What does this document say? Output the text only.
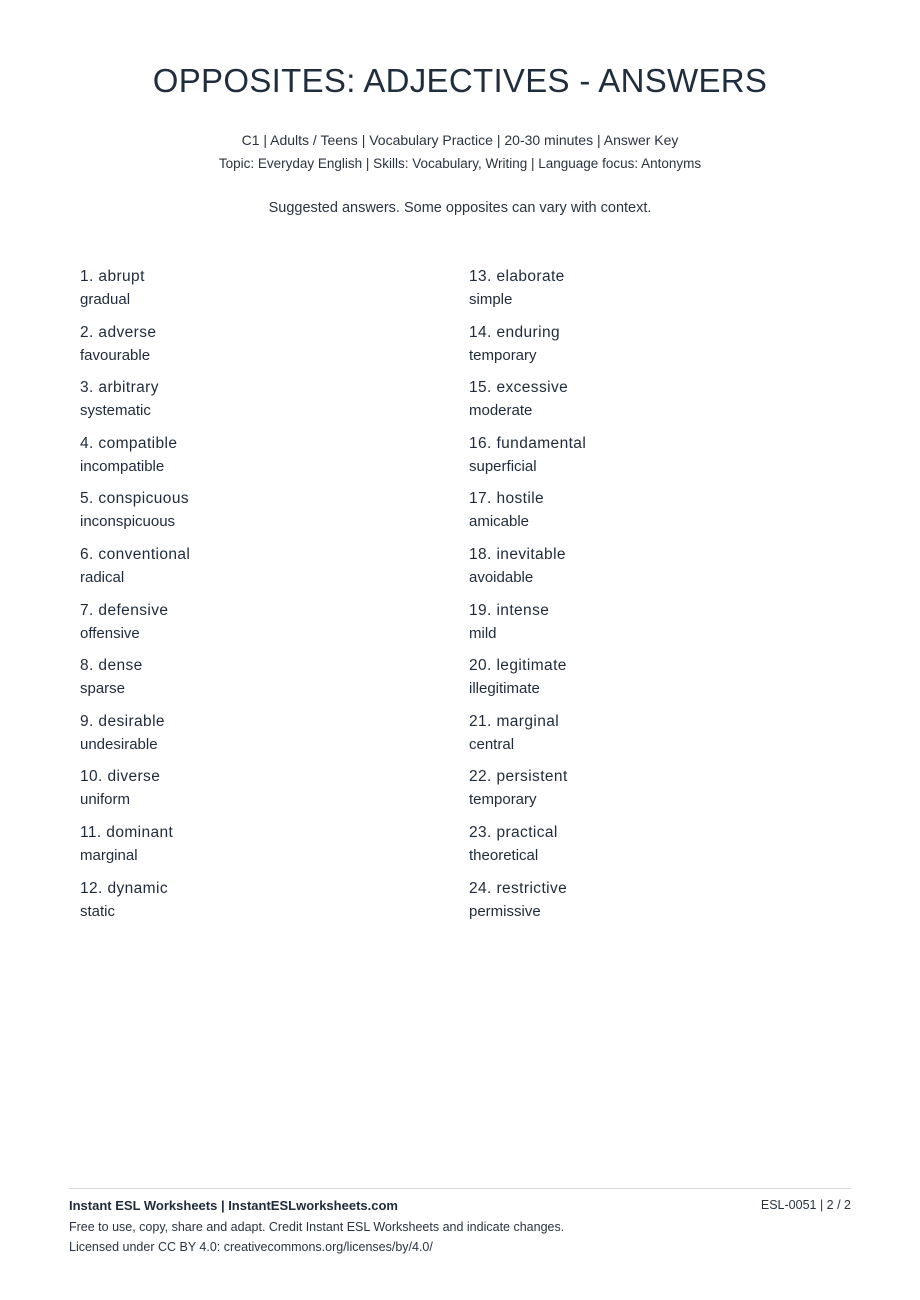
OPPOSITES: ADJECTIVES - ANSWERS
C1 | Adults / Teens | Vocabulary Practice | 20-30 minutes | Answer Key
Topic: Everyday English | Skills: Vocabulary, Writing | Language focus: Antonyms
Suggested answers. Some opposites can vary with context.
1. abrupt
gradual
2. adverse
favourable
3. arbitrary
systematic
4. compatible
incompatible
5. conspicuous
inconspicuous
6. conventional
radical
7. defensive
offensive
8. dense
sparse
9. desirable
undesirable
10. diverse
uniform
11. dominant
marginal
12. dynamic
static
13. elaborate
simple
14. enduring
temporary
15. excessive
moderate
16. fundamental
superficial
17. hostile
amicable
18. inevitable
avoidable
19. intense
mild
20. legitimate
illegitimate
21. marginal
central
22. persistent
temporary
23. practical
theoretical
24. restrictive
permissive
Instant ESL Worksheets | InstantESLworksheets.com	ESL-0051 | 2 / 2
Free to use, copy, share and adapt. Credit Instant ESL Worksheets and indicate changes.
Licensed under CC BY 4.0: creativecommons.org/licenses/by/4.0/
